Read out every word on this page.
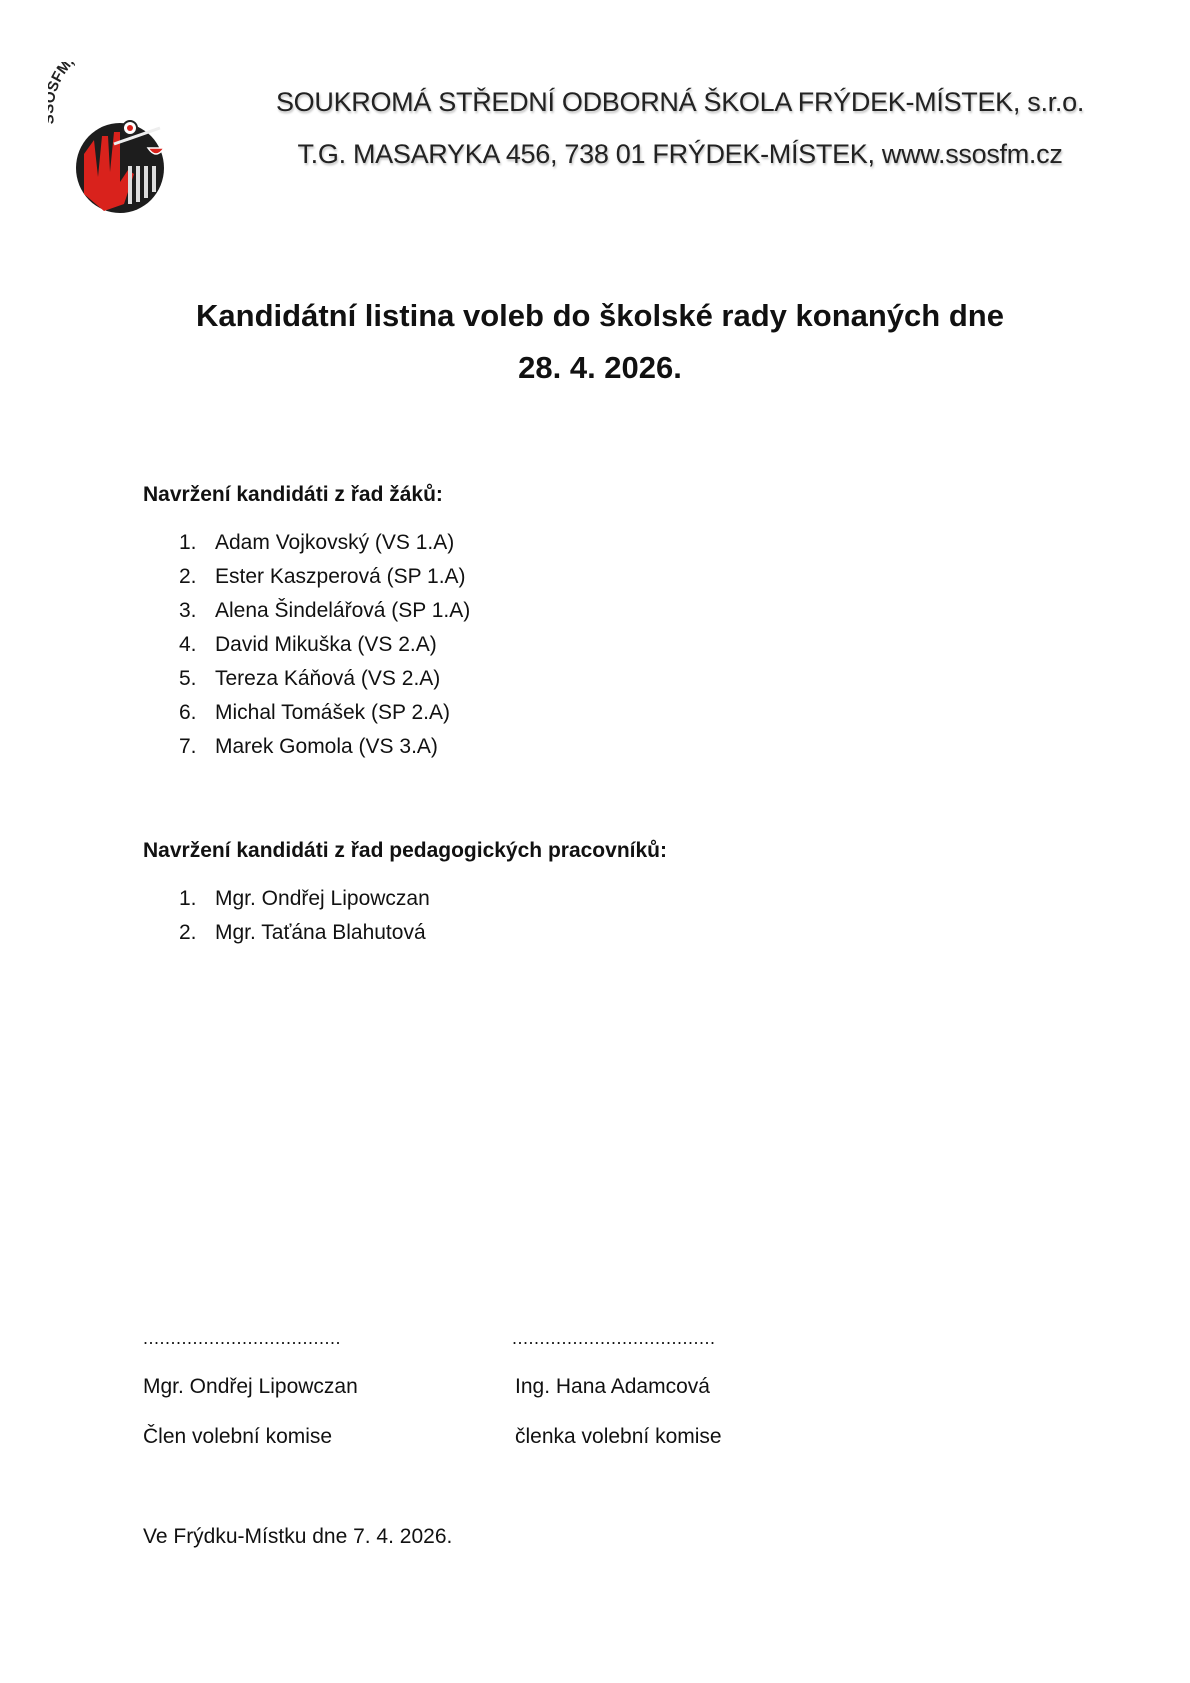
FM
SOUKROMÁ STŘEDNÍ ODBORNÁ ŠKOLA FRÝDEK-MÍSTEK, s.r.o.
T.G. MASARYKA 456, 738 01 FRÝDEK-MÍSTEK, www.ssosfm.cz
Kandidátní listina voleb do školské rady konaných dne
28. 4. 2026.
Navržení kandidáti z řad žáků:
1. Adam Vojkovský (VS 1.A)
2. Ester Kaszperová (SP 1.A)
3. Alena Šindelářová (SP 1.A)
4. David Mikuška (VS 2.A)
5. Tereza Káňová (VS 2.A)
6. Michal Tomášek (SP 2.A)
7. Marek Gomola (VS 3.A)
Navržení kandidáti z řad pedagogických pracovníků:
1. Mgr. Ondřej Lipowczan
2. Mgr. Taťána Blahutová
....................................	.....................................
Mgr. Ondřej Lipowczan	Ing. Hana Adamcová
Člen volební komise	členka volební komise
Ve Frýdku-Místku dne 7. 4. 2026.
